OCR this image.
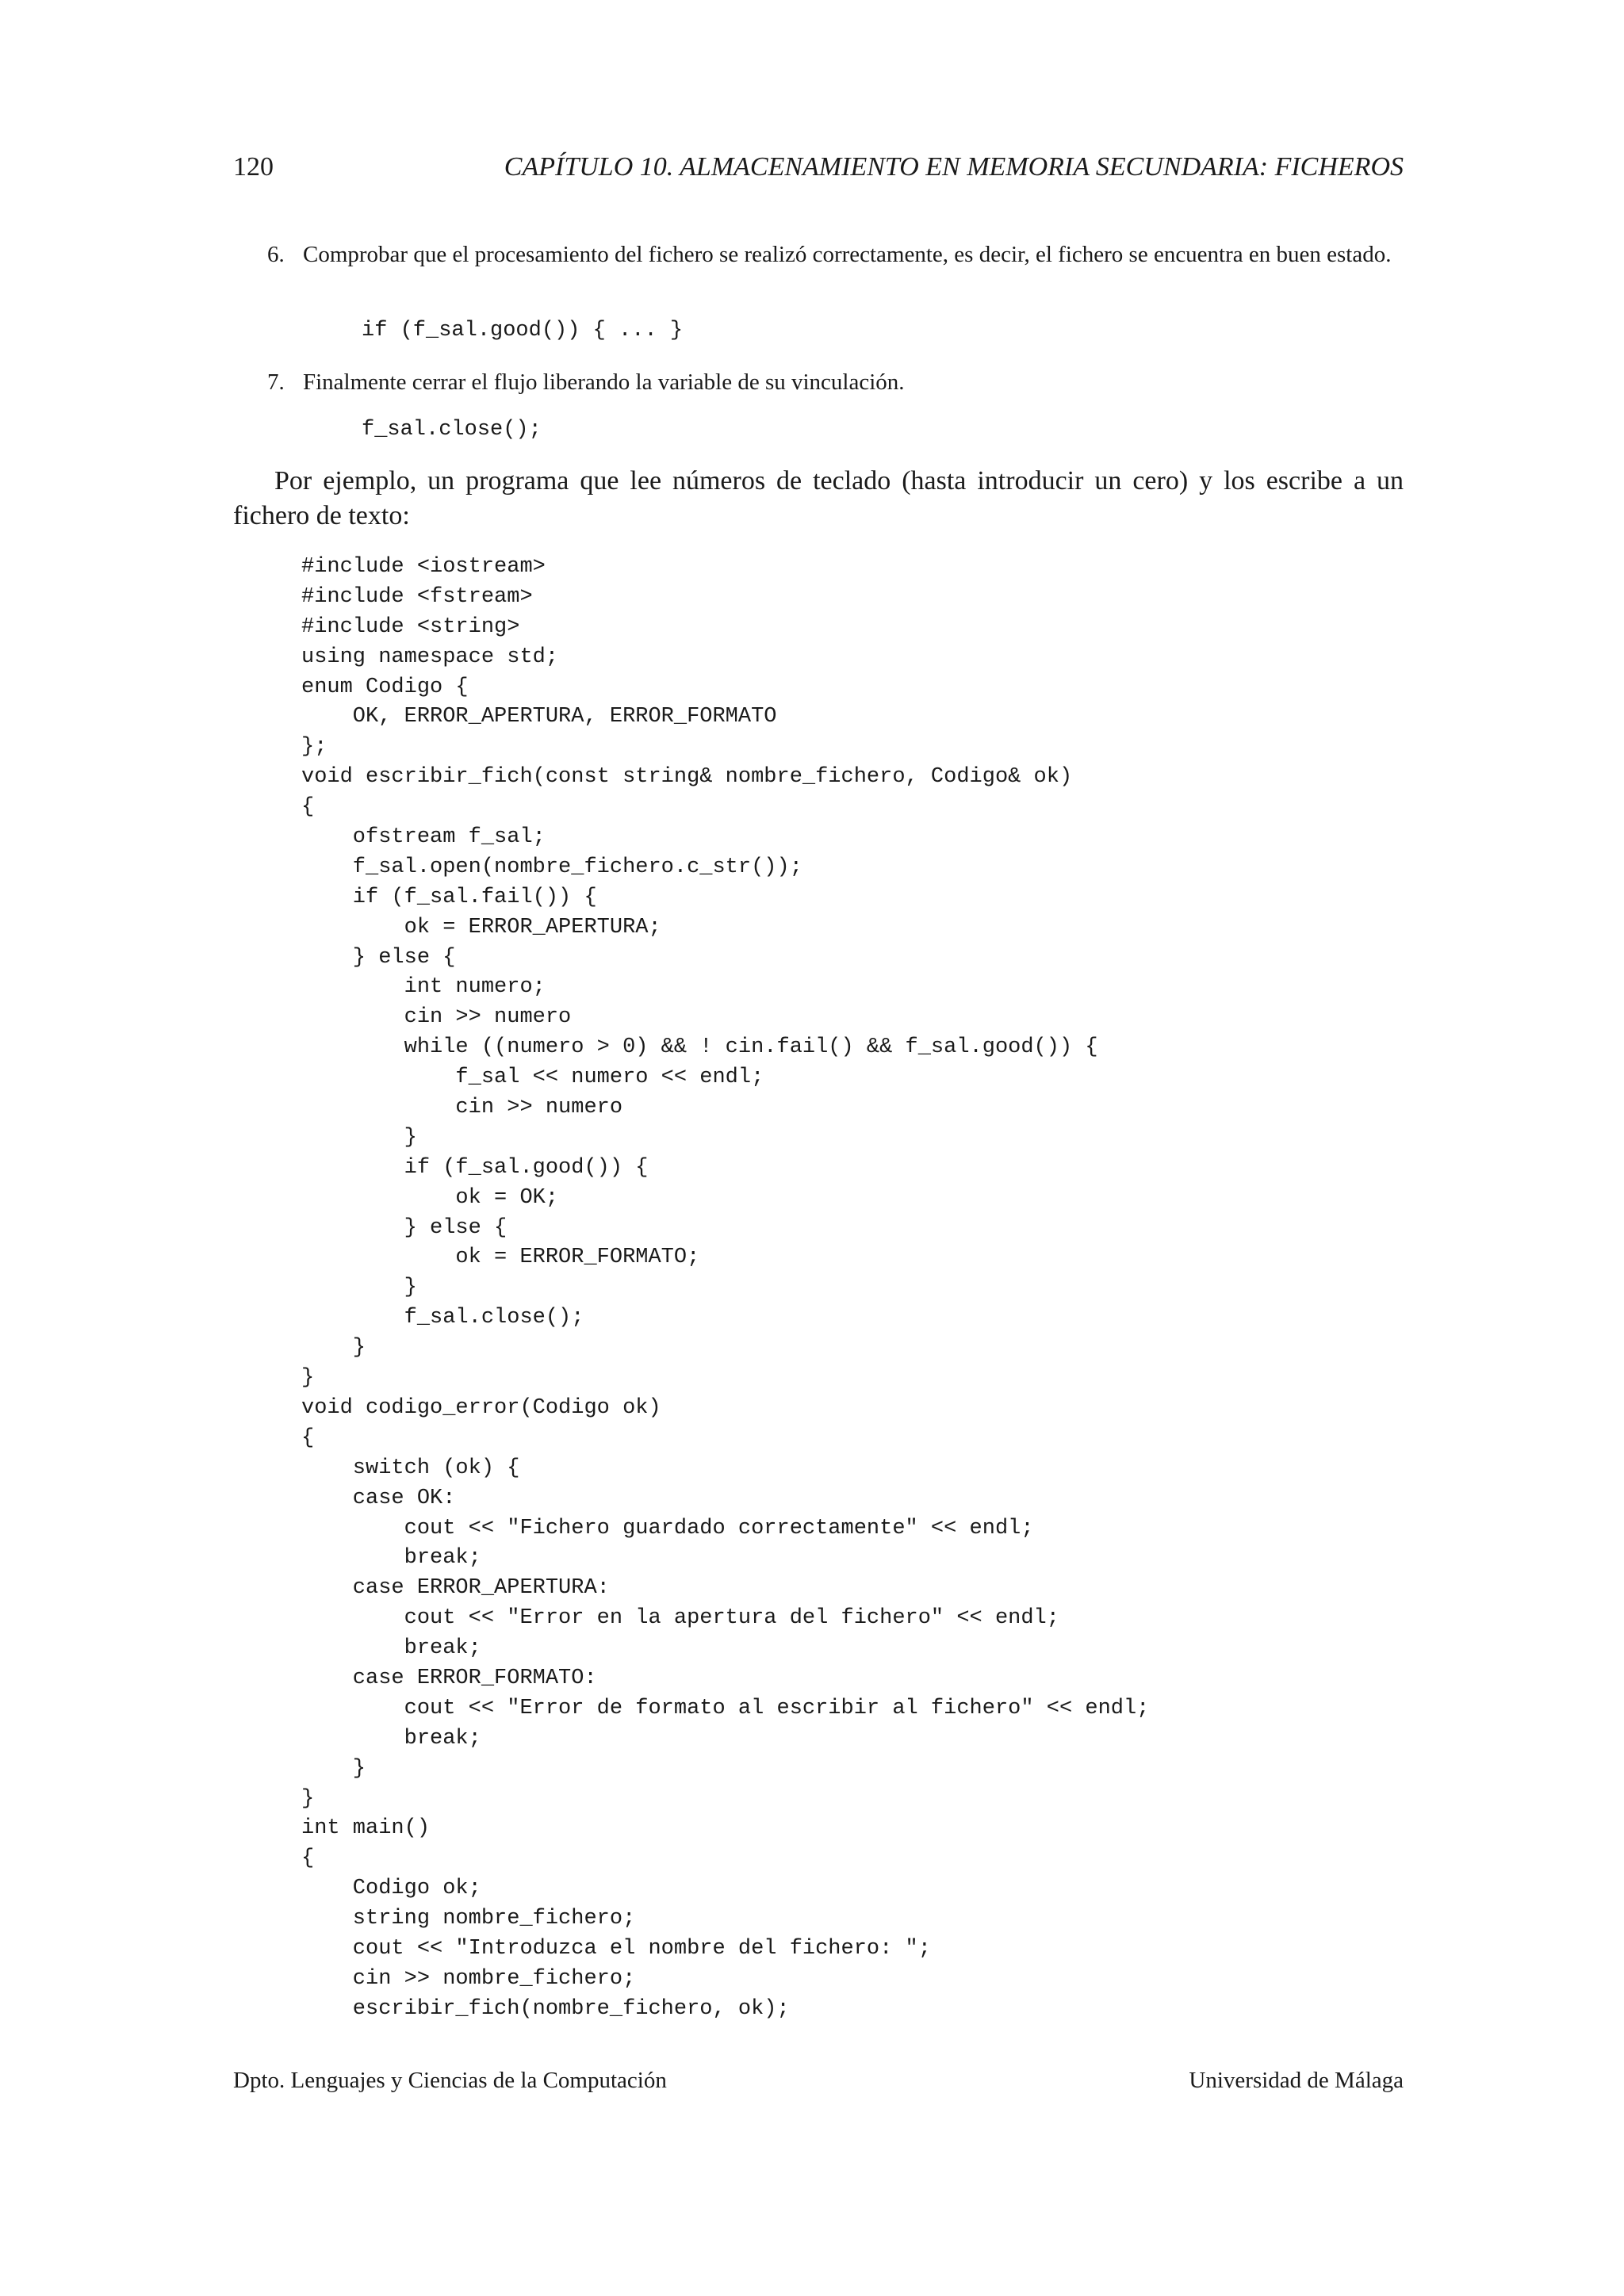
120	CAPÍTULO 10. ALMACENAMIENTO EN MEMORIA SECUNDARIA: FICHEROS
6. Comprobar que el procesamiento del fichero se realizó correctamente, es decir, el fichero se encuentra en buen estado.
if (f_sal.good()) { ... }
7. Finalmente cerrar el flujo liberando la variable de su vinculación.
f_sal.close();

Por ejemplo, un programa que lee números de teclado (hasta introducir un cero) y los escribe a un fichero de texto:

#include <iostream>
#include <fstream>
#include <string>
using namespace std;
enum Codigo {
OK, ERROR_APERTURA, ERROR_FORMATO
};
void escribir_fich(const string& nombre_fichero, Codigo& ok)
{
ofstream f_sal;
f_sal.open(nombre_fichero.c_str());
if (f_sal.fail()) {
ok = ERROR_APERTURA;
} else {
int numero;
cin >> numero
while ((numero > 0) && ! cin.fail() && f_sal.good()) {
f_sal << numero << endl;
cin >> numero
}
if (f_sal.good()) {
ok = OK;
} else {
ok = ERROR_FORMATO;
}
f_sal.close();
}
}
void codigo_error(Codigo ok)
{
switch (ok) {
case OK:
cout << "Fichero guardado correctamente" << endl;
break;
case ERROR_APERTURA:
cout << "Error en la apertura del fichero" << endl;
break;
case ERROR_FORMATO:
cout << "Error de formato al escribir al fichero" << endl;
break;
}
}
int main()
{
Codigo ok;
string nombre_fichero;
cout << "Introduzca el nombre del fichero: ";
cin >> nombre_fichero;
escribir_fich(nombre_fichero, ok);
Dpto. Lenguajes y Ciencias de la Computación	Universidad de Málaga
